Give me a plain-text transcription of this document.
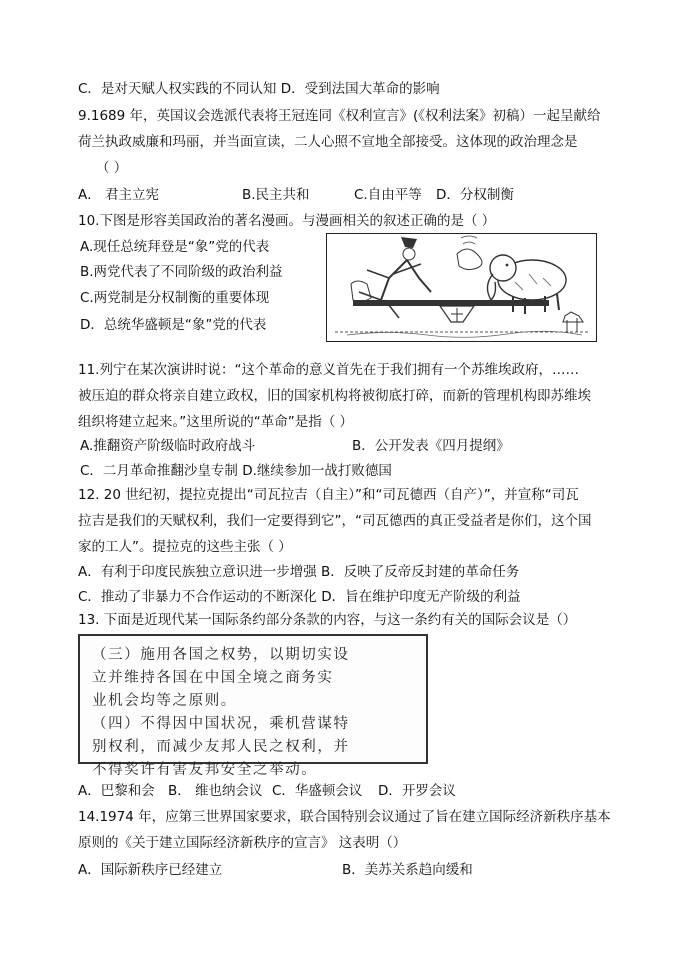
C．是对天赋人权实践的不同认知 D．受到法国大革命的影响
9.1689 年，英国议会选派代表将王冠连同《权利宣言》(《权利法案》初稿）一起呈献给
荷兰执政威廉和玛丽，并当面宣读，二人心照不宣地全部接受。这体现的政治理念是
（ ）
A． 君主立宪	B.民主共和	C.自由平等	D．分权制衡
10.下图是形容美国政治的著名漫画。与漫画相关的叙述正确的是（ ）
A.现任总统拜登是“象”党的代表
B.两党代表了不同阶级的政治利益
C.两党制是分权制衡的重要体现
D．总统华盛顿是“象”党的代表
11.列宁在某次演讲时说：“这个革命的意义首先在于我们拥有一个苏维埃政府，……
被压迫的群众将亲自建立政权，旧的国家机构将被彻底打碎，而新的管理机构即苏维埃
组织将建立起来。”这里所说的“革命”是指（ ）
A.推翻资产阶级临时政府战斗	B．公开发表《四月提纲》
C．二月革命推翻沙皇专制 D.继续参加一战打败德国
12. 20 世纪初，提拉克提出“司瓦拉吉（自主）”和“司瓦德西（自产）”，并宣称“司瓦
拉吉是我们的天赋权利，我们一定要得到它”，“司瓦德西的真正受益者是你们，这个国
家的工人”。提拉克的这些主张（ ）
A．有利于印度民族独立意识进一步增强 B．反映了反帝反封建的革命任务
C．推动了非暴力不合作运动的不断深化 D．旨在维护印度无产阶级的利益
13. 下面是近现代某一国际条约部分条款的内容，与这一条约有关的国际会议是（）
（三）施用各国之权势，以期切实设
立并维持各国在中国全境之商务实
业机会均等之原则。
（四）不得因中国状况，乘机营谋特
别权利，而减少友邦人民之权利，并
不得奖许有害友邦安全之举动。
A．巴黎和会 B． 维也纳会议 C．华盛顿会议	D．开罗会议
14.1974 年，应第三世界国家要求，联合国特别会议通过了旨在建立国际经济新秩序基本
原则的《关于建立国际经济新秩序的宣言》 这表明（）
A．国际新秩序已经建立	B．美苏关系趋向缓和
